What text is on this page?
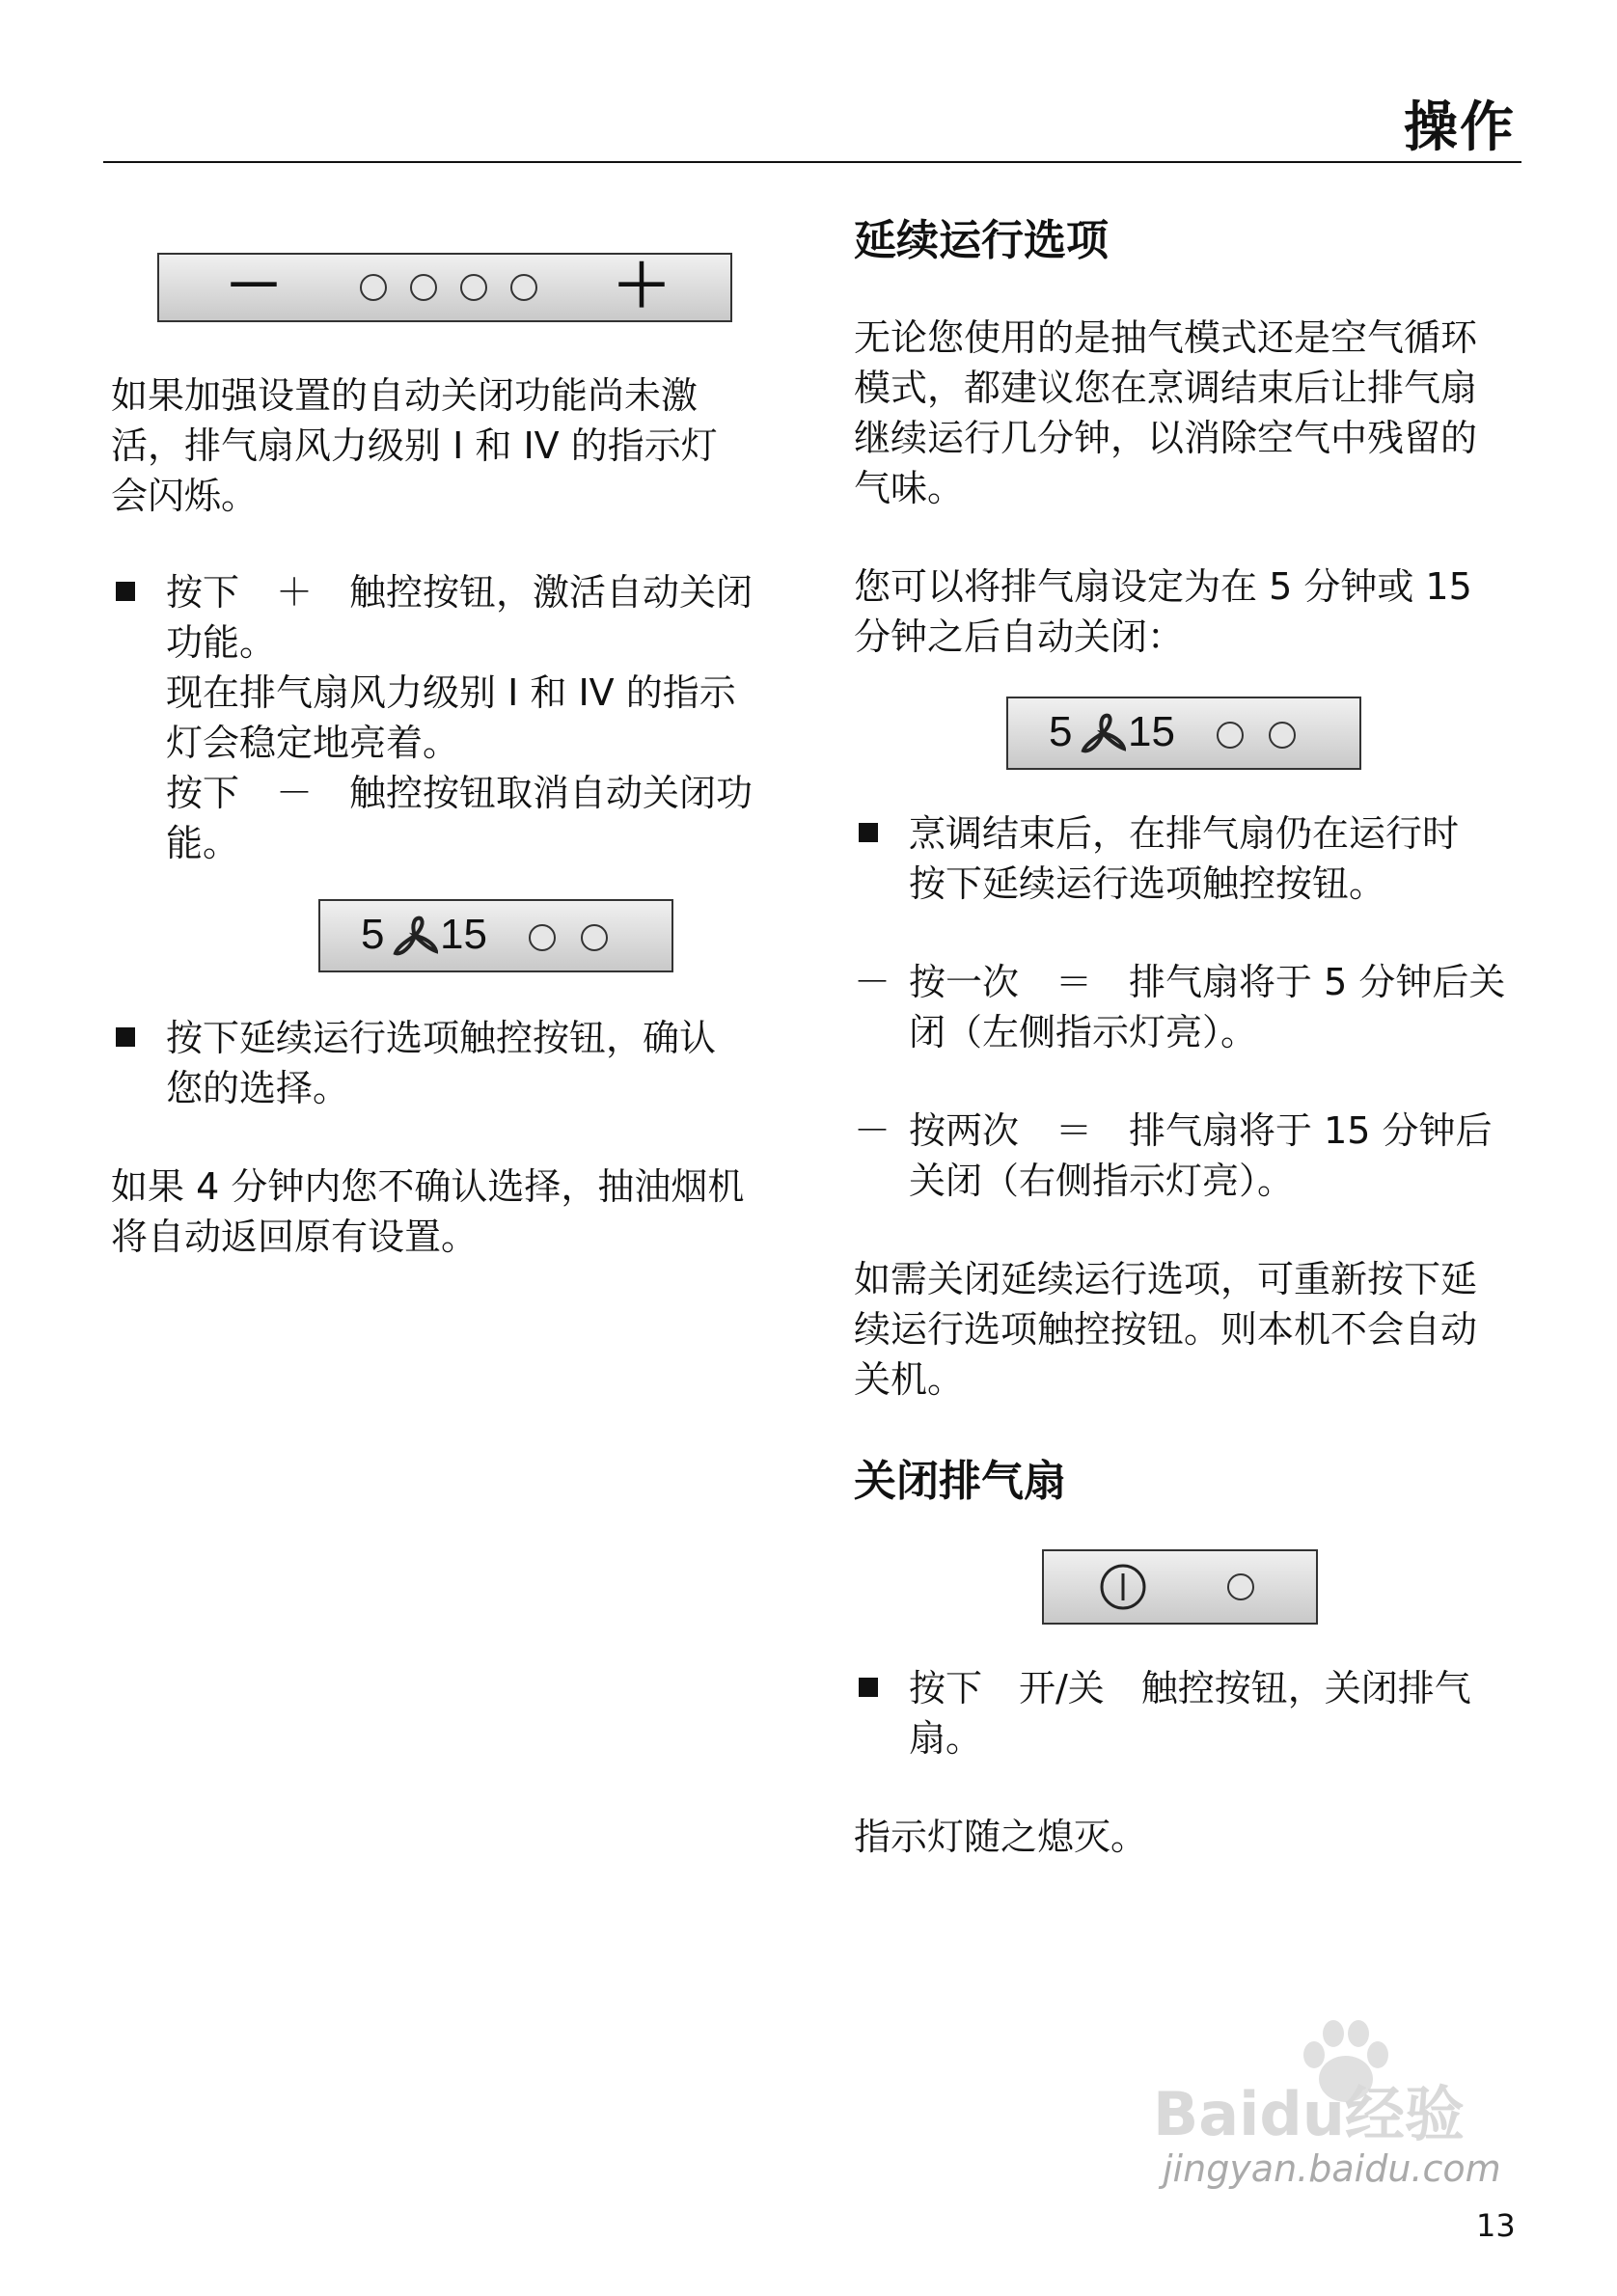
操作
－	＋

如果加强设置的自动关闭功能尚未激

活，排气扇风力级别 I 和 IV 的指示灯

会闪烁。

按下　＋　触控按钮，激活自动关闭
功能。
现在排气扇风力级别 I 和 IV 的指示
灯会稳定地亮着。
按下　－　触控按钮取消自动关闭功
能。
5 15
按下延续运行选项触控按钮，确认
您的选择。

如果 4 分钟内您不确认选择，抽油烟机

将自动返回原有设置。

延续运行选项

无论您使用的是抽气模式还是空气循环

模式，都建议您在烹调结束后让排气扇

继续运行几分钟，以消除空气中残留的

气味。

您可以将排气扇设定为在 5 分钟或 15

分钟之后自动关闭：

5 15
烹调结束后，在排气扇仍在运行时
按下延续运行选项触控按钮。
－ 按一次　＝　排气扇将于 5 分钟后关
闭（左侧指示灯亮）。
－ 按两次　＝　排气扇将于 15 分钟后
关闭（右侧指示灯亮）。

如需关闭延续运行选项，可重新按下延

续运行选项触控按钮。则本机不会自动

关机。

关闭排气扇
按下　开/关　触控按钮，关闭排气
扇。

指示灯随之熄灭。

Baidu经验
jingyan.baidu.com
13
